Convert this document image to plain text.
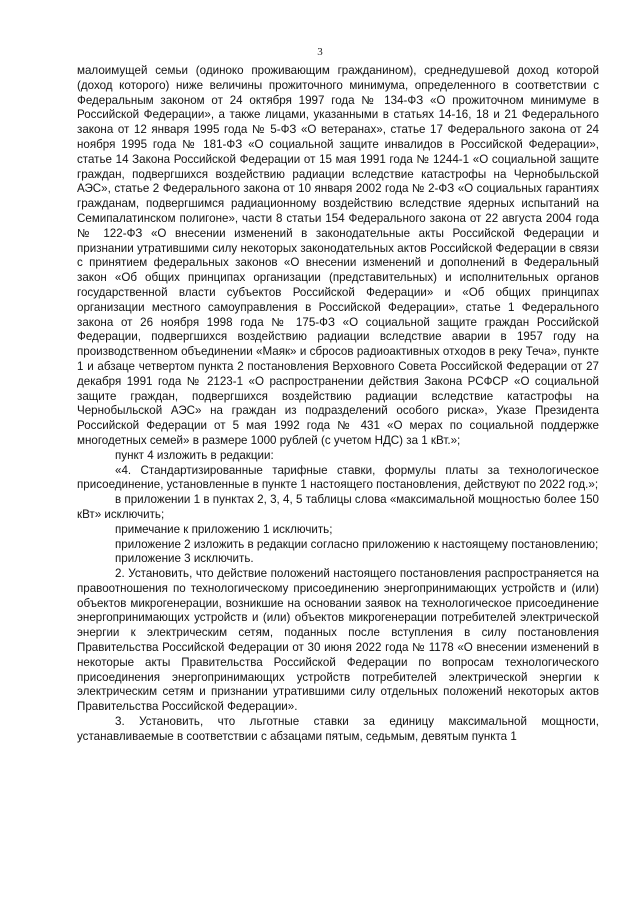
3

малоимущей семьи (одиноко проживающим гражданином), среднедушевой доход которой (доход которого) ниже величины прожиточного минимума, определенного в соответствии с Федеральным законом от 24 октября 1997 года № 134-ФЗ «О прожиточном минимуме в Российской Федерации», а также лицами, указанными в статьях 14-16, 18 и 21 Федерального закона от 12 января 1995 года № 5-ФЗ «О ветеранах», статье 17 Федерального закона от 24 ноября 1995 года № 181-ФЗ «О социальной защите инвалидов в Российской Федерации», статье 14 Закона Российской Федерации от 15 мая 1991 года № 1244-1 «О социальной защите граждан, подвергшихся воздействию радиации вследствие катастрофы на Чернобыльской АЭС», статье 2 Федерального закона от 10 января 2002 года № 2-ФЗ «О социальных гарантиях гражданам, подвергшимся радиационному воздействию вследствие ядерных испытаний на Семипалатинском полигоне», части 8 статьи 154 Федерального закона от 22 августа 2004 года № 122-ФЗ «О внесении изменений в законодательные акты Российской Федерации и признании утратившими силу некоторых законодательных актов Российской Федерации в связи с принятием федеральных законов «О внесении изменений и дополнений в Федеральный закон «Об общих принципах организации (представительных) и исполнительных органов государственной власти субъектов Российской Федерации» и «Об общих принципах организации местного самоуправления в Российской Федерации», статье 1 Федерального закона от 26 ноября 1998 года № 175-ФЗ «О социальной защите граждан Российской Федерации, подвергшихся воздействию радиации вследствие аварии в 1957 году на производственном объединении «Маяк» и сбросов радиоактивных отходов в реку Теча», пункте 1 и абзаце четвертом пункта 2 постановления Верховного Совета Российской Федерации от 27 декабря 1991 года № 2123-1 «О распространении действия Закона РСФСР «О социальной защите граждан, подвергшихся воздействию радиации вследствие катастрофы на Чернобыльской АЭС» на граждан из подразделений особого риска», Указе Президента Российской Федерации от 5 мая 1992 года № 431 «О мерах по социальной поддержке многодетных семей» в размере 1000 рублей (с учетом НДС) за 1 кВт.»;

пункт 4 изложить в редакции:

«4. Стандартизированные тарифные ставки, формулы платы за технологическое присоединение, установленные в пункте 1 настоящего постановления, действуют по 2022 год.»;

в приложении 1 в пунктах 2, 3, 4, 5 таблицы слова «максимальной мощностью более 150 кВт» исключить;

примечание к приложению 1 исключить;

приложение 2 изложить в редакции согласно приложению к настоящему постановлению;

приложение 3 исключить.

2. Установить, что действие положений настоящего постановления распространяется на правоотношения по технологическому присоединению энергопринимающих устройств и (или) объектов микрогенерации, возникшие на основании заявок на технологическое присоединение энергопринимающих устройств и (или) объектов микрогенерации потребителей электрической энергии к электрическим сетям, поданных после вступления в силу постановления Правительства Российской Федерации от 30 июня 2022 года № 1178 «О внесении изменений в некоторые акты Правительства Российской Федерации по вопросам технологического присоединения энергопринимающих устройств потребителей электрической энергии к электрическим сетям и признании утратившими силу отдельных положений некоторых актов Правительства Российской Федерации».

3. Установить, что льготные ставки за единицу максимальной мощности, устанавливаемые в соответствии с абзацами пятым, седьмым, девятым пункта 1
